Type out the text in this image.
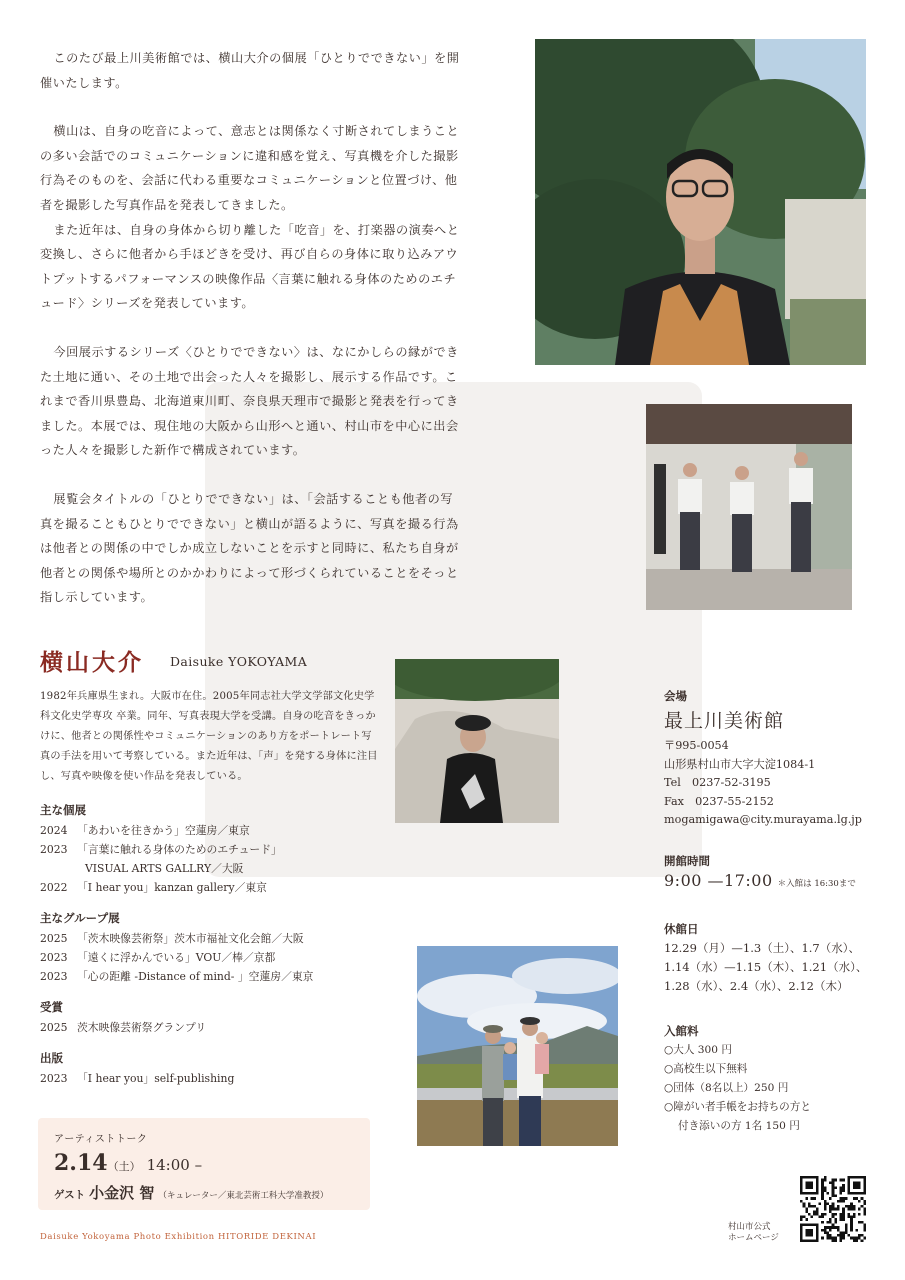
このたび最上川美術館では、横山大介の個展「ひとりでできない」を開催いたします。

横山は、自身の吃音によって、意志とは関係なく寸断されてしまうことの多い会話でのコミュニケーションに違和感を覚え、写真機を介した撮影行為そのものを、会話に代わる重要なコミュニケーションと位置づけ、他者を撮影した写真作品を発表してきました。

また近年は、自身の身体から切り離した「吃音」を、打楽器の演奏へと変換し、さらに他者から手ほどきを受け、再び自らの身体に取り込みアウトプットするパフォーマンスの映像作品〈言葉に触れる身体のためのエチュード〉シリーズを発表しています。

今回展示するシリーズ〈ひとりでできない〉は、なにかしらの縁ができた土地に通い、その土地で出会った人々を撮影し、展示する作品です。これまで香川県豊島、北海道東川町、奈良県天理市で撮影と発表を行ってきました。本展では、現住地の大阪から山形へと通い、村山市を中心に出会った人々を撮影した新作で構成されています。

展覧会タイトルの「ひとりでできない」は、「会話することも他者の写真を撮ることもひとりでできない」と横山が語るように、写真を撮る行為は他者との関係の中でしか成立しないことを示すと同時に、私たち自身が他者との関係や場所とのかかわりによって形づくられていることをそっと指し示しています。

横山大介 Daisuke YOKOYAMA
1982年兵庫県生まれ。大阪市在住。2005年同志社大学文学部文化史学科文化史学専攻 卒業。同年、写真表現大学を受講。自身の吃音をきっかけに、他者との関係性やコミュニケーションのあり方をポートレート写真の手法を用いて考察している。また近年は、「声」を発する身体に注目し、写真や映像を使い作品を発表している。
主な個展
2024 「あわいを往きかう」空蓮房／東京
2023 「言葉に触れる身体のためのエチュード」
VISUAL ARTS GALLRY／大阪
2022 「I hear you」kanzan gallery／東京
主なグループ展
2025 「茨木映像芸術祭」茨木市福祉文化会館／大阪
2023 「遠くに浮かんでいる」VOU／棒／京都
2023 「心の距離 -Distance of mind- 」空蓮房／東京
受賞
2025 茨木映像芸術祭グランプリ
出版
2023 「I hear you」self-publishing
アーティストトーク
2.14（土） 14:00 –
ゲスト 小金沢 智 （キュレーター／東北芸術工科大学准教授）
Daisuke Yokoyama Photo Exhibition HITORIDE DEKINAI
会場
最上川美術館
〒995-0054
山形県村山市大字大淀1084-1
Tel　0237-52-3195
Fax　0237-55-2152
mogamigawa@city.murayama.lg.jp
開館時間
9:00 —17:00 ＊入館は 16:30まで
休館日
12.29（月）—1.3（土）、1.7（水）、
1.14（水）—1.15（木）、1.21（水）、
1.28（水）、2.4（水）、2.12（木）
入館料
○大人 300 円
○高校生以下無料
○団体（8名以上）250 円
○障がい者手帳をお持ちの方と
付き添いの方 1名 150 円
村山市公式
ホームページ
